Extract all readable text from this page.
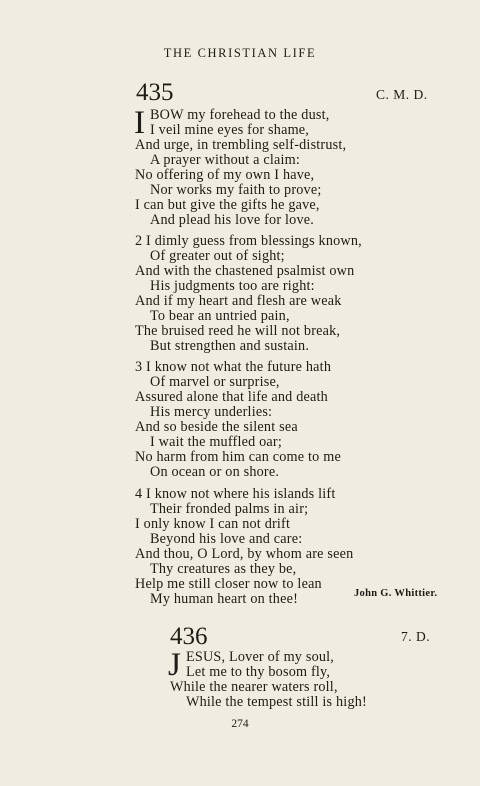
THE CHRISTIAN LIFE
435	C. M. D.
I BOW my forehead to the dust,
I veil mine eyes for shame,
And urge, in trembling self-distrust,
A prayer without a claim:
No offering of my own I have,
Nor works my faith to prove;
I can but give the gifts he gave,
And plead his love for love.
2 I dimly guess from blessings known,
Of greater out of sight;
And with the chastened psalmist own
His judgments too are right:
And if my heart and flesh are weak
To bear an untried pain,
The bruised reed he will not break,
But strengthen and sustain.
3 I know not what the future hath
Of marvel or surprise,
Assured alone that life and death
His mercy underlies:
And so beside the silent sea
I wait the muffled oar;
No harm from him can come to me
On ocean or on shore.
4 I know not where his islands lift
Their fronded palms in air;
I only know I can not drift
Beyond his love and care:
And thou, O Lord, by whom are seen
Thy creatures as they be,
Help me still closer now to lean
My human heart on thee!	John G. Whittier.
436	7. D.
J ESUS, Lover of my soul,
Let me to thy bosom fly,
While the nearer waters roll,
While the tempest still is high!
274
